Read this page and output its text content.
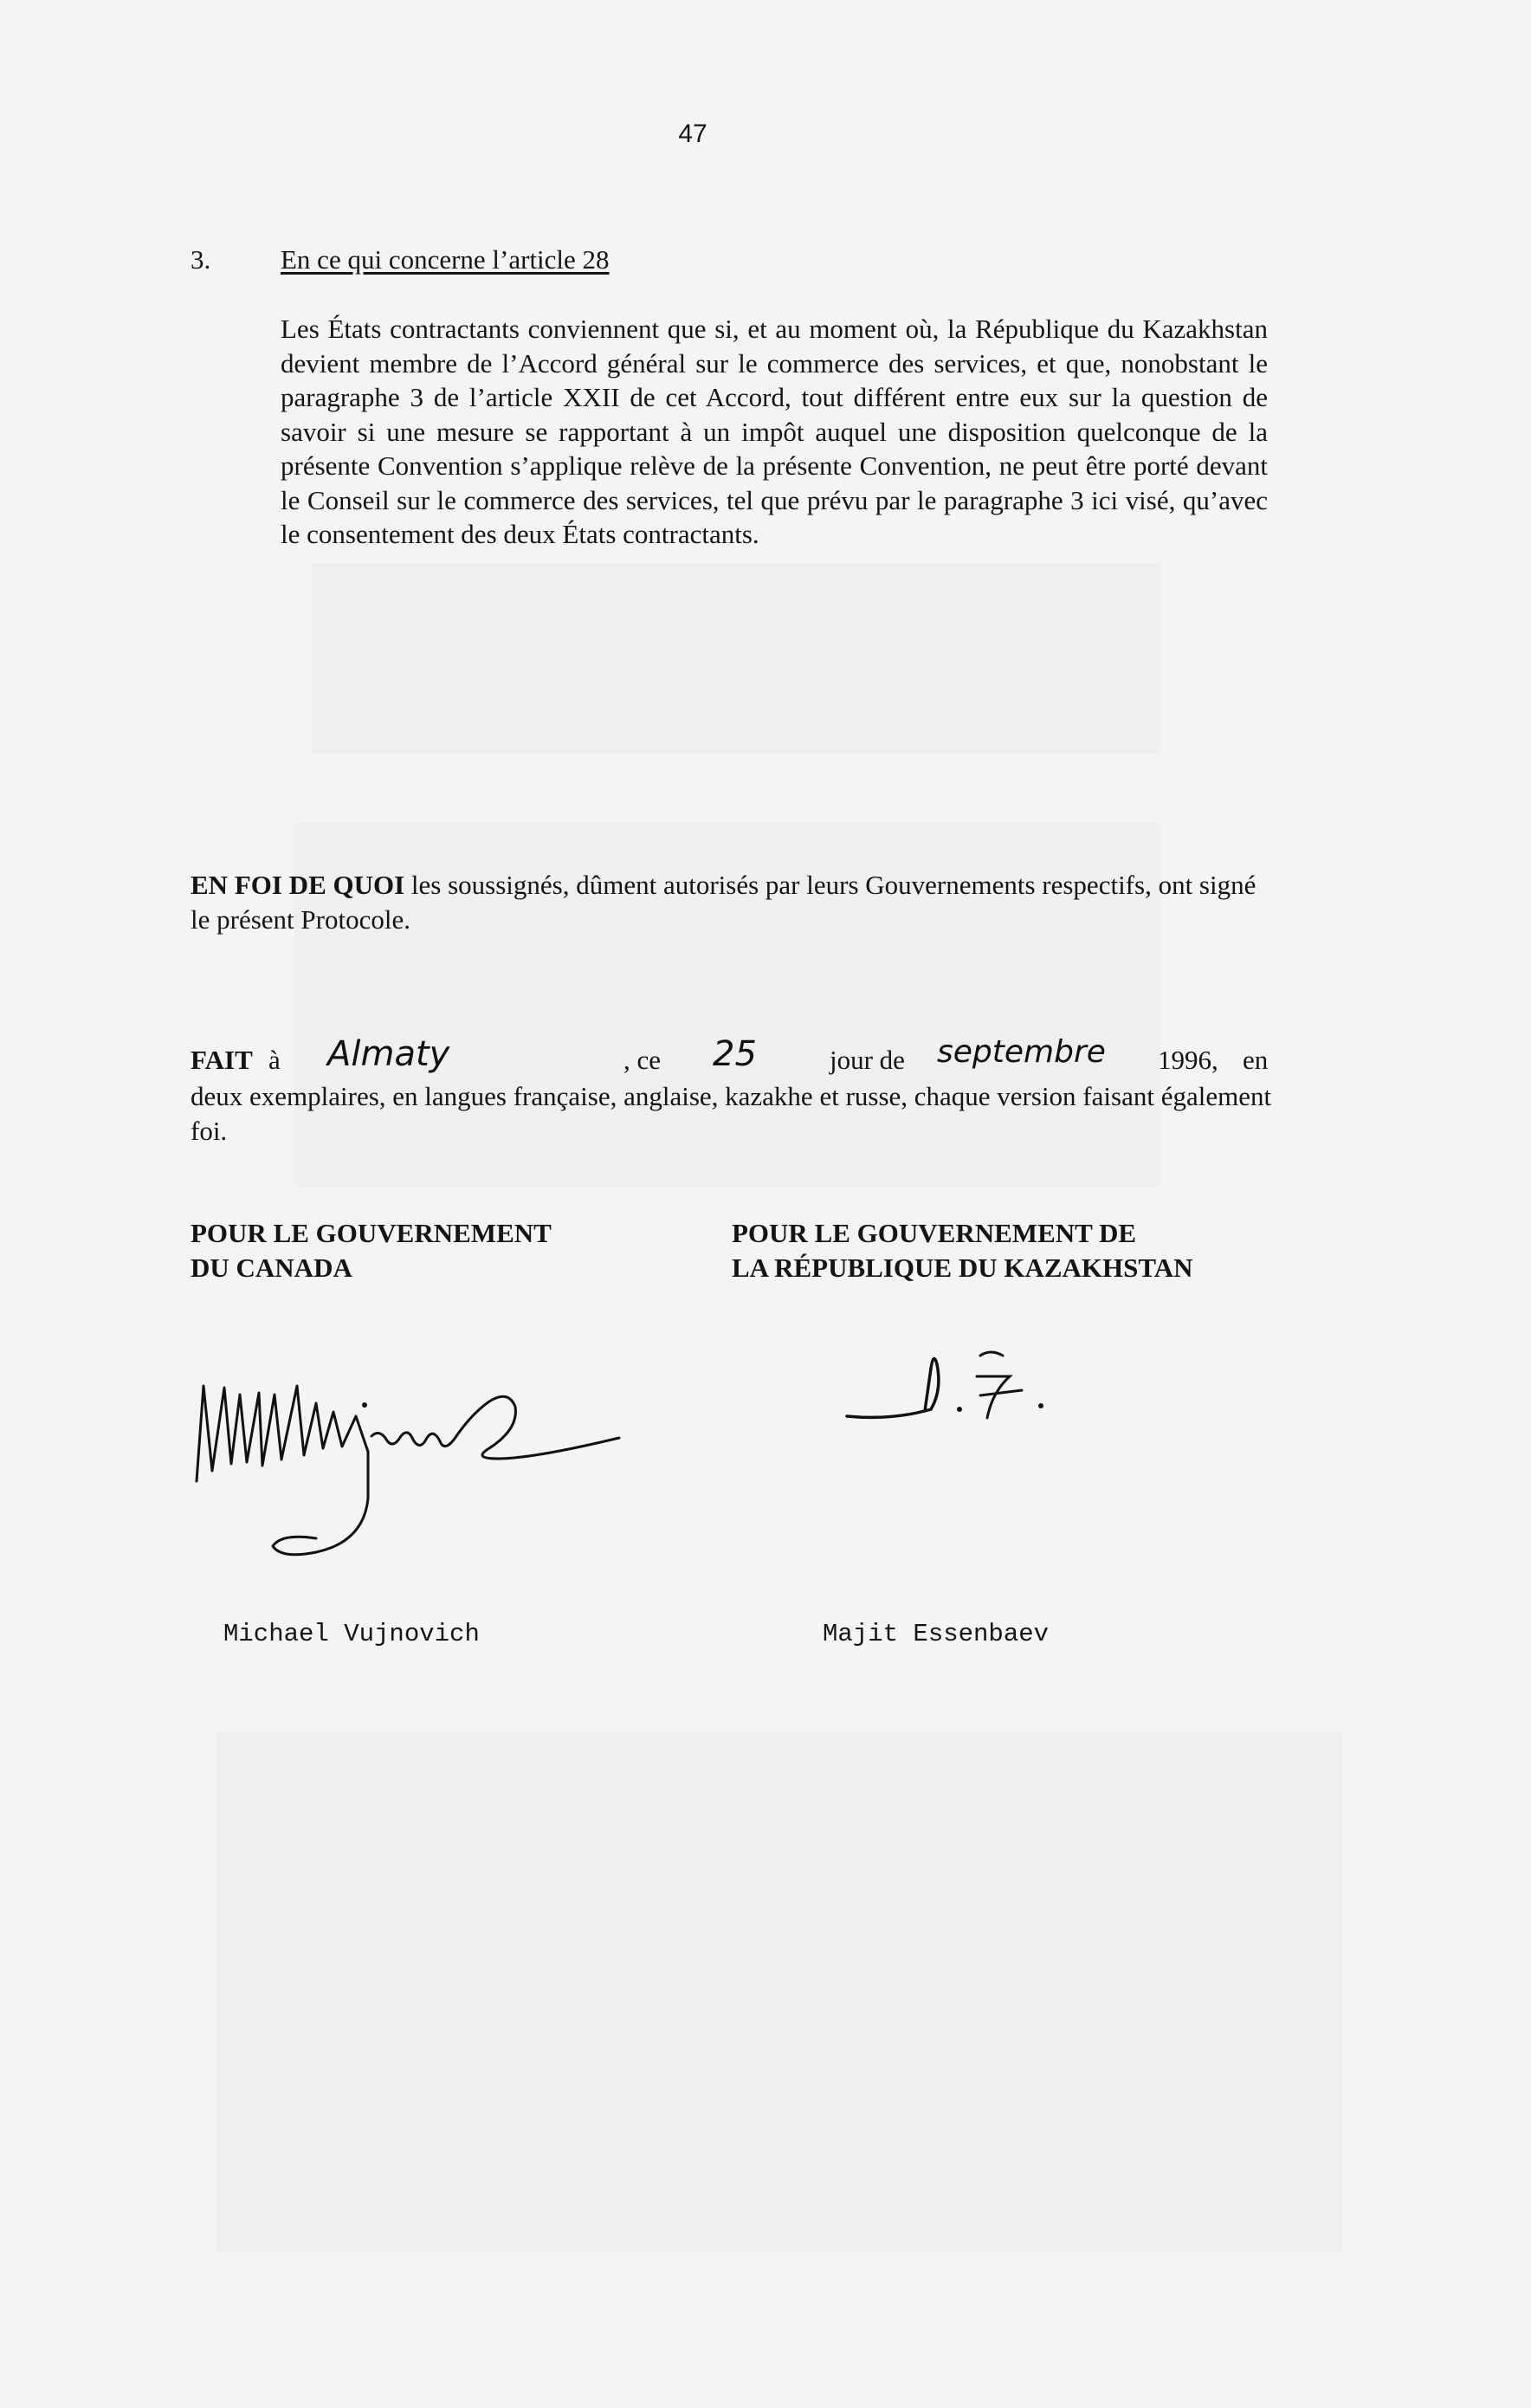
47
3.	En ce qui concerne l’article 28
Les États contractants conviennent que si, et au moment où, la République du Kazakhstan devient membre de l’Accord général sur le commerce des services, et que, nonobstant le paragraphe 3 de l’article XXII de cet Accord, tout différent entre eux sur la question de savoir si une mesure se rapportant à un impôt auquel une disposition quelconque de la présente Convention s’applique relève de la présente Convention, ne peut être porté devant le Conseil sur le commerce des services, tel que prévu par le paragraphe 3 ici visé, qu’avec le consentement des deux États contractants.
EN FOI DE QUOI les soussignés, dûment autorisés par leurs Gouvernements respectifs, ont signé le présent Protocole.
FAIT à Almaty	, ce 25	jour de septembre 1996, en
deux exemplaires, en langues française, anglaise, kazakhe et russe, chaque version faisant également foi.
POUR LE GOUVERNEMENT
DU CANADA
POUR LE GOUVERNEMENT DE
LA RÉPUBLIQUE DU KAZAKHSTAN
Michael Vujnovich	Majit Essenbaev
